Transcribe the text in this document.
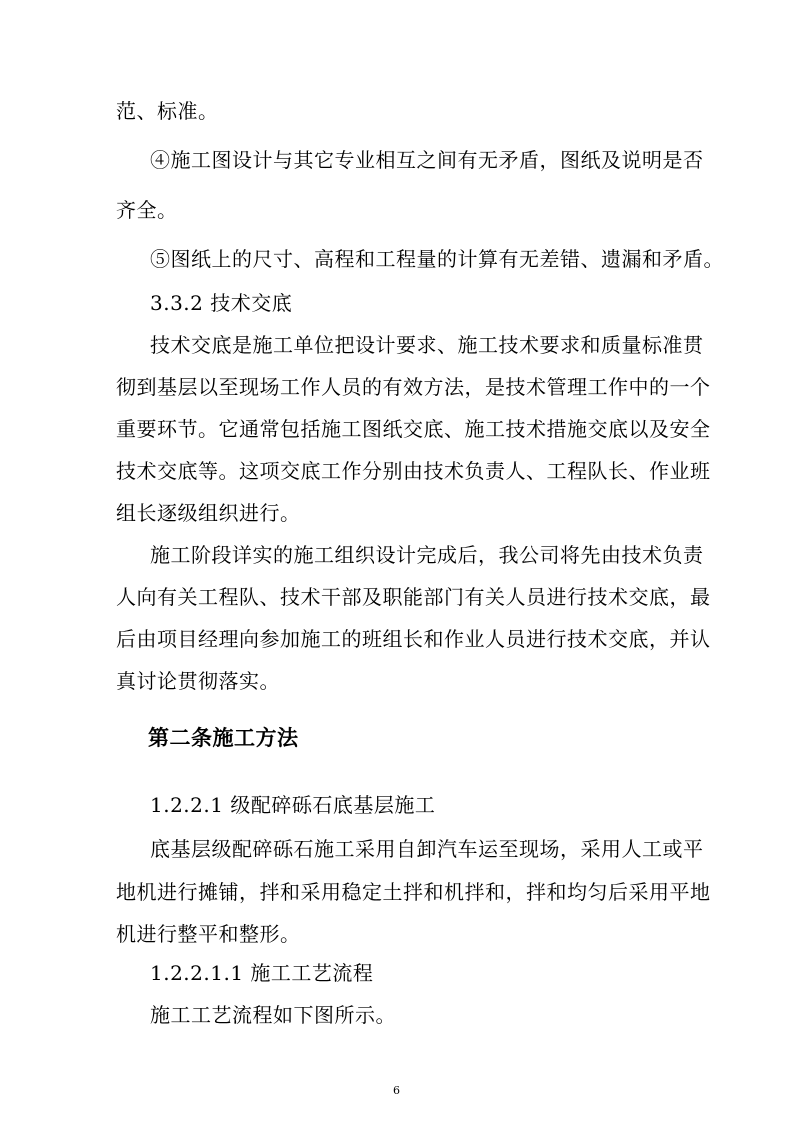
范、标准。
④施工图设计与其它专业相互之间有无矛盾，图纸及说明是否
齐全。
⑤图纸上的尺寸、高程和工程量的计算有无差错、遗漏和矛盾。
3.3.2 技术交底
技术交底是施工单位把设计要求、施工技术要求和质量标准贯
彻到基层以至现场工作人员的有效方法，是技术管理工作中的一个
重要环节。它通常包括施工图纸交底、施工技术措施交底以及安全
技术交底等。这项交底工作分别由技术负责人、工程队长、作业班
组长逐级组织进行。
施工阶段详实的施工组织设计完成后，我公司将先由技术负责
人向有关工程队、技术干部及职能部门有关人员进行技术交底，最
后由项目经理向参加施工的班组长和作业人员进行技术交底，并认
真讨论贯彻落实。
第二条施工方法
1.2.2.1 级配碎砾石底基层施工
底基层级配碎砾石施工采用自卸汽车运至现场，采用人工或平
地机进行摊铺，拌和采用稳定土拌和机拌和，拌和均匀后采用平地
机进行整平和整形。
1.2.2.1.1 施工工艺流程
施工工艺流程如下图所示。
6
